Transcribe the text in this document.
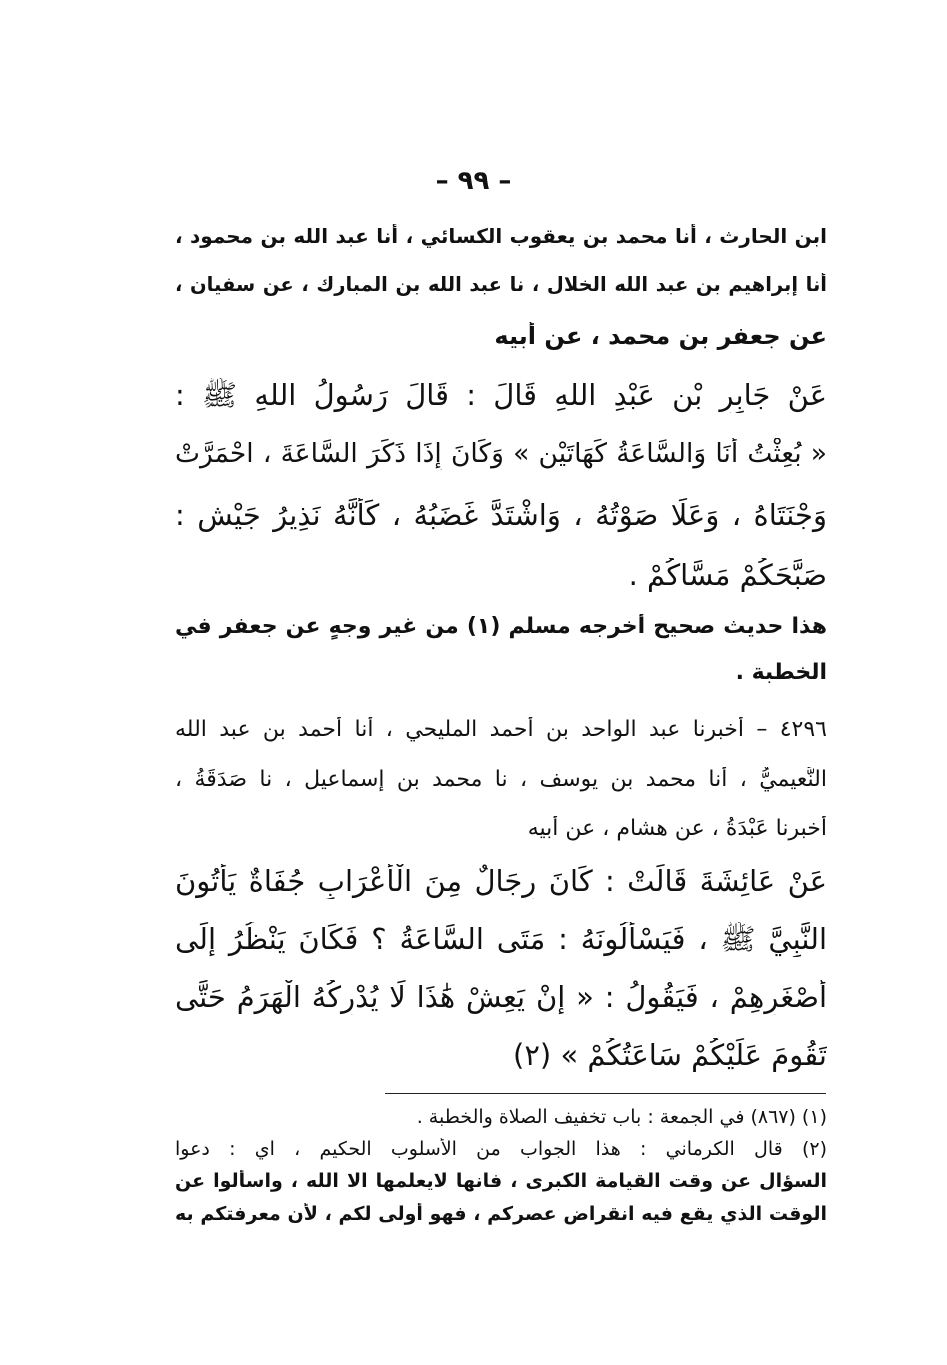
– ٩٩ –
ابن الحارث ، أنا محمد بن يعقوب الكسائي ، أنا عبد الله بن محمود ،
أنا إبراهيم بن عبد الله الخلال ، نا عبد الله بن المبارك ، عن سفيان ،
عن جعفر بن محمد ، عن أبيه
عَنْ جَابِرِ بْنِ عَبْدِ اللهِ قَالَ : قَالَ رَسُولُ اللهِ ﷺ :
« بُعِثْتُ أَنَا وَالسَّاعَةُ كَهَاتَيْنِ » وَكَانَ إِذَا ذَكَرَ السَّاعَةَ ، احْمَرَّتْ
وَجْنَتَاهُ ، وَعَلَا صَوْتُهُ ، وَاشْتَدَّ غَضَبُهُ ، كَأَنَّهُ نَذِيرُ جَيْشٍ :
صَبَّحَكُمْ مَسَّاكُمْ .
هذا حديث صحيح أخرجه مسلم (١) من غير وجهٍ عن جعفر في
الخطبة .
٤٢٩٦ – أخبرنا عبد الواحد بن أحمد المليحي ، أنا أحمد بن عبد الله
النُّعيميُّ ، أنا محمد بن يوسف ، نا محمد بن إسماعيل ، نا صَدَقَةُ ،
أخبرنا عَبْدَةُ ، عن هشام ، عن أبيه
عَنْ عَائِشَةَ قَالَتْ : كَانَ رِجَالٌ مِنَ الْأَعْرَابِ جُفَاةٌ يَأْتُونَ
النَّبِيَّ ﷺ ، فَيَسْأَلُونَهُ : مَتَى السَّاعَةُ ؟ فَكَانَ يَنْظُرُ إِلَى
أَصْغَرِهِمْ ، فَيَقُولُ : « إِنْ يَعِشْ هَٰذَا لَا يُدْرِكُهُ الْهَرَمُ حَتَّى
تَقُومَ عَلَيْكُمْ سَاعَتُكُمْ » (٢)
(١) (٨٦٧) في الجمعة : باب تخفيف الصلاة والخطبة .
(٢) قال الكرماني : هذا الجواب من الأسلوب الحكيم ، اي : دعوا
السؤال عن وقت القيامة الكبرى ، فانها لايعلمها الا الله ، واسألوا عن
الوقت الذي يقع فيه انقراض عصركم ، فهو أولى لكم ، لأن معرفتكم به
